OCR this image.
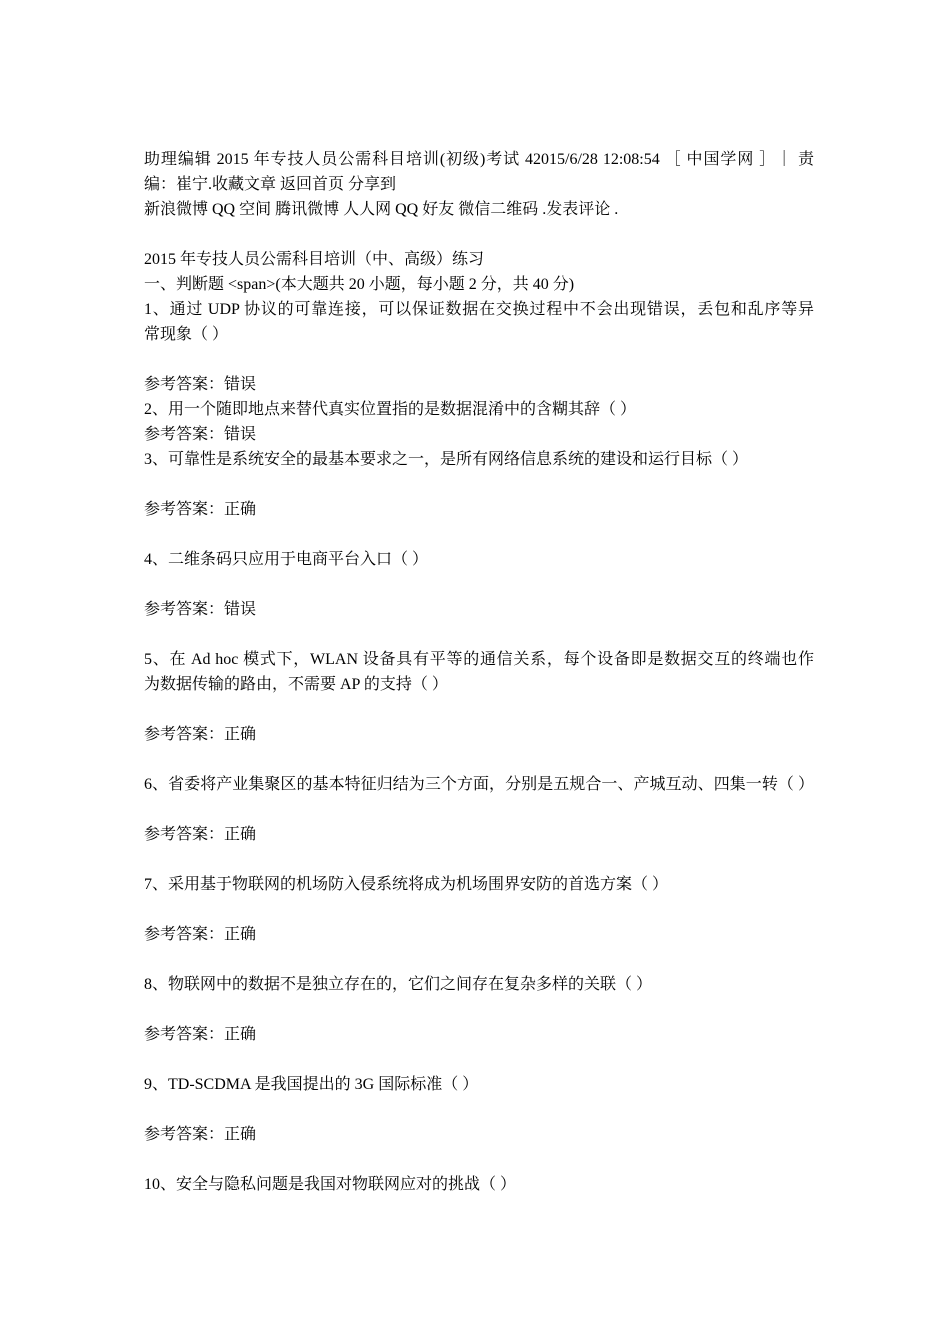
助理编辑 2015 年专技人员公需科目培训(初级)考试 42015/6/28 12:08:54 ［ 中国学网 ］｜ 责
编：崔宁.收藏文章 返回首页 分享到
新浪微博 QQ 空间 腾讯微博 人人网 QQ 好友 微信二维码 .发表评论 .
2015 年专技人员公需科目培训（中、高级）练习
一、判断题 <span>(本大题共 20 小题，每小题 2 分，共 40 分)
1、通过 UDP 协议的可靠连接，可以保证数据在交换过程中不会出现错误，丢包和乱序等异
常现象（ ）
参考答案：错误
2、用一个随即地点来替代真实位置指的是数据混淆中的含糊其辞（ ）
参考答案：错误
3、可靠性是系统安全的最基本要求之一，是所有网络信息系统的建设和运行目标（ ）
参考答案：正确
4、二维条码只应用于电商平台入口（ ）
参考答案：错误
5、在 Ad hoc 模式下，WLAN 设备具有平等的通信关系，每个设备即是数据交互的终端也作
为数据传输的路由，不需要 AP 的支持（ ）
参考答案：正确
6、省委将产业集聚区的基本特征归结为三个方面，分别是五规合一、产城互动、四集一转（ ）
参考答案：正确
7、采用基于物联网的机场防入侵系统将成为机场围界安防的首选方案（ ）
参考答案：正确
8、物联网中的数据不是独立存在的，它们之间存在复杂多样的关联（ ）
参考答案：正确
9、TD-SCDMA 是我国提出的 3G 国际标准（ ）
参考答案：正确
10、安全与隐私问题是我国对物联网应对的挑战（ ）
